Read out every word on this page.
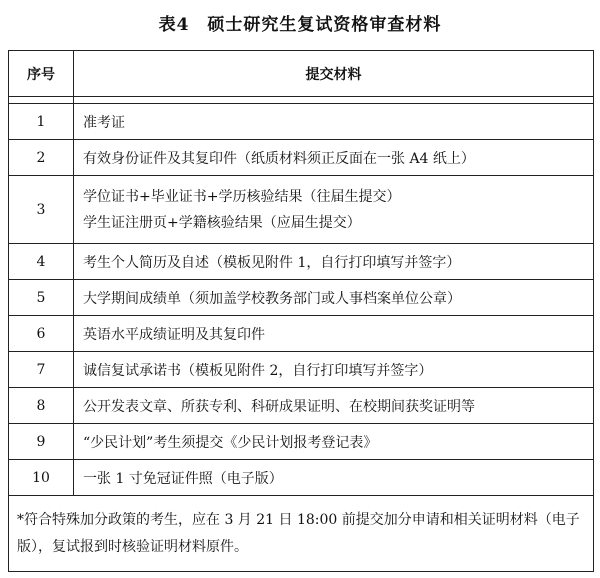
表4　硕士研究生复试资格审查材料
序号	提交材料

1	准考证
2	有效身份证件及其复印件（纸质材料须正反面在一张 A4 纸上）
3	学位证书+毕业证书+学历核验结果（往届生提交）
学生证注册页+学籍核验结果（应届生提交）

4	考生个人简历及自述（模板见附件 1，自行打印填写并签字）
5	大学期间成绩单（须加盖学校教务部门或人事档案单位公章）
6	英语水平成绩证明及其复印件
7	诚信复试承诺书（模板见附件 2，自行打印填写并签字）
8	公开发表文章、所获专利、科研成果证明、在校期间获奖证明等
9	“少民计划”考生须提交《少民计划报考登记表》
10	一张 1 寸免冠证件照（电子版）
*符合特殊加分政策的考生，应在 3 月 21 日 18:00 前提交加分申请和相关证明材料（电子版），复试报到时核验证明材料原件。	
